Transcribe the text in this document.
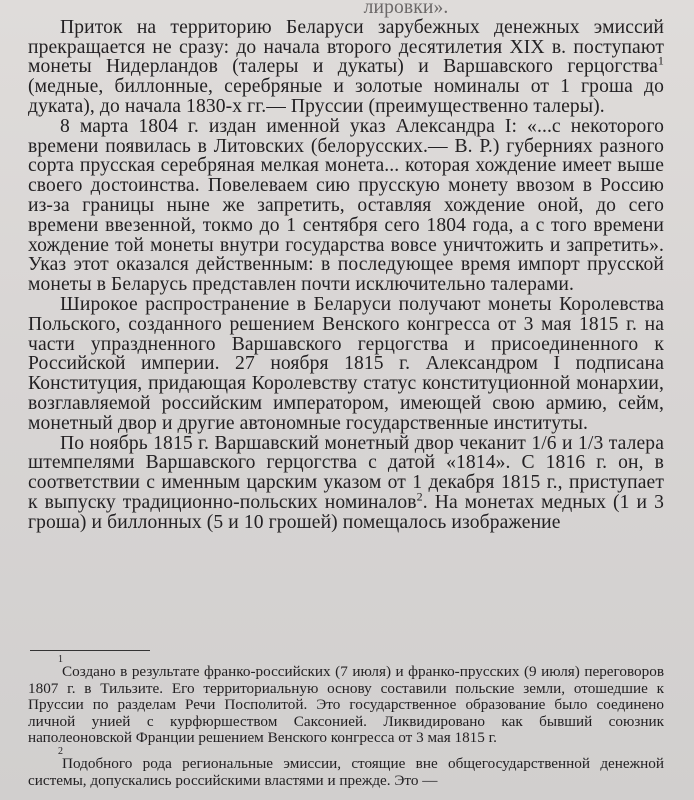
лировки».

Приток на территорию Беларуси зарубежных денежных эмиссий прекращается не сразу: до начала второго десятилетия XIX в. поступают монеты Нидерландов (талеры и дукаты) и Варшавского герцогства$^1$ (медные, биллонные, серебряные и золотые номиналы от 1 гроша до дуката), до начала 1830-х гг.— Пруссии (преимущественно талеры).

8 марта 1804 г. издан именной указ Александра I: «...с некоторого времени появилась в Литовских (белорусских.— В. Р.) губерниях разного сорта прусская серебряная мелкая монета... которая хождение имеет выше своего достоинства. Повелеваем сию прусскую монету ввозом в Россию из-за границы ныне же запретить, оставляя хождение оной, до сего времени ввезенной, токмо до 1 сентября сего 1804 года, а с того времени хождение той монеты внутри государства вовсе уничтожить и запретить». Указ этот оказался действенным: в последующее время импорт прусской монеты в Беларусь представлен почти исключительно талерами.

Широкое распространение в Беларуси получают монеты Королевства Польского, созданного решением Венского конгресса от 3 мая 1815 г. на части упраздненного Варшавского герцогства и присоединенного к Российской империи. 27 ноября 1815 г. Александром I подписана Конституция, придающая Королевству статус конституционной монархии, возглавляемой российским императором, имеющей свою армию, сейм, монетный двор и другие автономные государственные институты.

По ноябрь 1815 г. Варшавский монетный двор чеканит 1/6 и 1/3 талера штемпелями Варшавского герцогства с датой «1814». С 1816 г. он, в соответствии с именным царским указом от 1 декабря 1815 г., приступает к выпуску традиционно-польских номиналов$^2$. На монетах медных (1 и 3 гроша) и биллонных (5 и 10 грошей) помещалось изображение

1
Создано в результате франко-российских (7 июля) и франко-прусских (9 июля) переговоров 1807 г. в Тильзите. Его территориальную основу составили польские земли, отошедшие к Пруссии по разделам Речи Посполитой. Это государственное образование было соединено личной унией с курфюршеством Саксонией. Ликвидировано как бывший союзник наполеоновской Франции решением Венского конгресса от 3 мая 1815 г.
2
Подобного рода региональные эмиссии, стоящие вне общегосударственной денежной системы, допускались российскими властями и прежде. Это —
